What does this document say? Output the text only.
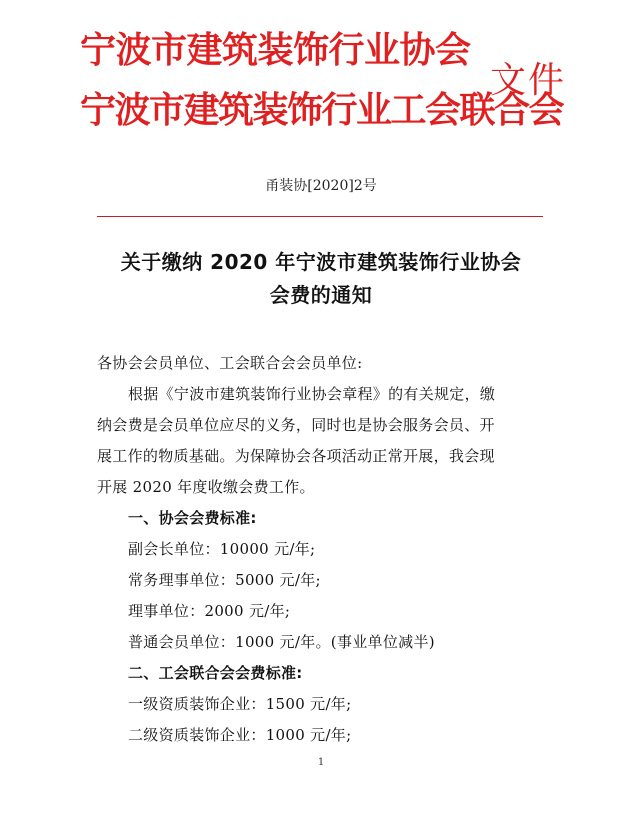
宁波市建筑装饰行业协会
宁波市建筑装饰行业工会联合会
文件
甬装协[2020]2号
关于缴纳 2020 年宁波市建筑装饰行业协会
会费的通知
各协会会员单位、工会联合会会员单位:
根据《宁波市建筑装饰行业协会章程》的有关规定，缴
纳会费是会员单位应尽的义务，同时也是协会服务会员、开
展工作的物质基础。为保障协会各项活动正常开展，我会现
开展 2020 年度收缴会费工作。
一、协会会费标准:
副会长单位：10000 元/年;
常务理事单位：5000 元/年;
理事单位：2000 元/年;
普通会员单位：1000 元/年。(事业单位减半)
二、工会联合会会费标准:
一级资质装饰企业：1500 元/年;
二级资质装饰企业：1000 元/年;
1
